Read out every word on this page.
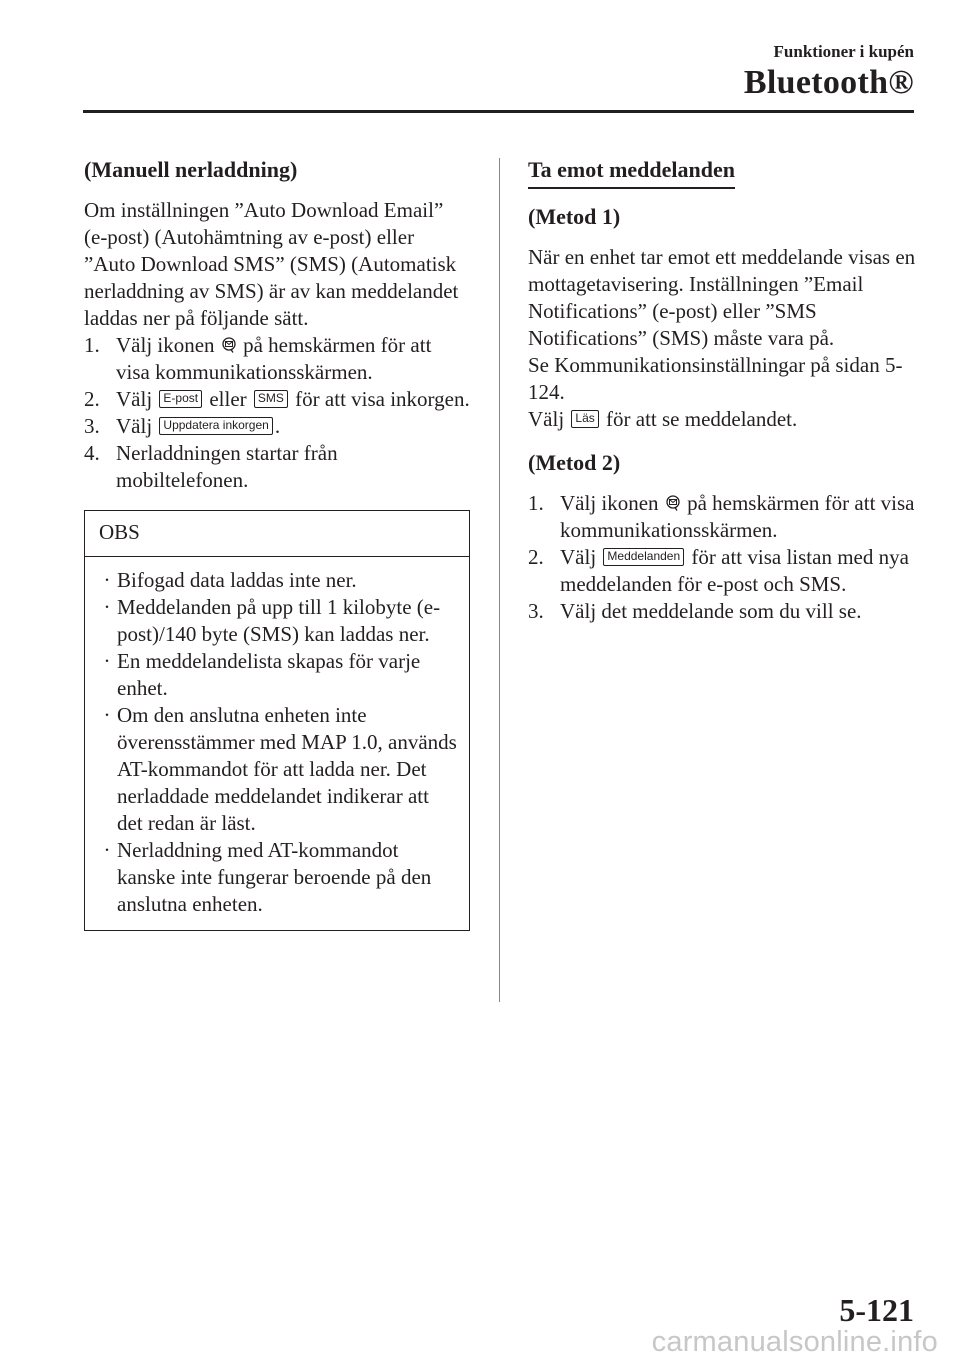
Funktioner i kupén
Bluetooth®
(Manuell nerladdning)

Om inställningen ”Auto Download Email” (e-post) (Autohämtning av e-post) eller ”Auto Download SMS” (SMS) (Automatisk nerladdning av SMS) är av kan meddelandet laddas ner på följande sätt.

1. Välj ikonen på hemskärmen för att visa kommunikationsskärmen.
2. Välj E-post eller SMS för att visa inkorgen.
3. Välj Uppdatera inkorgen .
4. Nerladdningen startar från mobiltelefonen.
OBS
· Bifogad data laddas inte ner.
· Meddelanden på upp till 1 kilobyte (e-post)/140 byte (SMS) kan laddas ner.
· En meddelandelista skapas för varje enhet.
· Om den anslutna enheten inte överensstämmer med MAP 1.0, används AT-kommandot för att ladda ner. Det nerladdade meddelandet indikerar att det redan är läst.
· Nerladdning med AT-kommandot kanske inte fungerar beroende på den anslutna enheten.
Ta emot meddelanden
(Metod 1)

När en enhet tar emot ett meddelande visas en mottagetavisering. Inställningen ”Email Notifications” (e-post) eller ”SMS Notifications” (SMS) måste vara på.

Se Kommunikationsinställningar på sidan 5-124.

Välj Läs för att se meddelandet.

(Metod 2)
1. Välj ikonen på hemskärmen för att visa kommunikationsskärmen.
2. Välj Meddelanden för att visa listan med nya meddelanden för e-post och SMS.
3. Välj det meddelande som du vill se.
5-121
carmanualsonline.info
